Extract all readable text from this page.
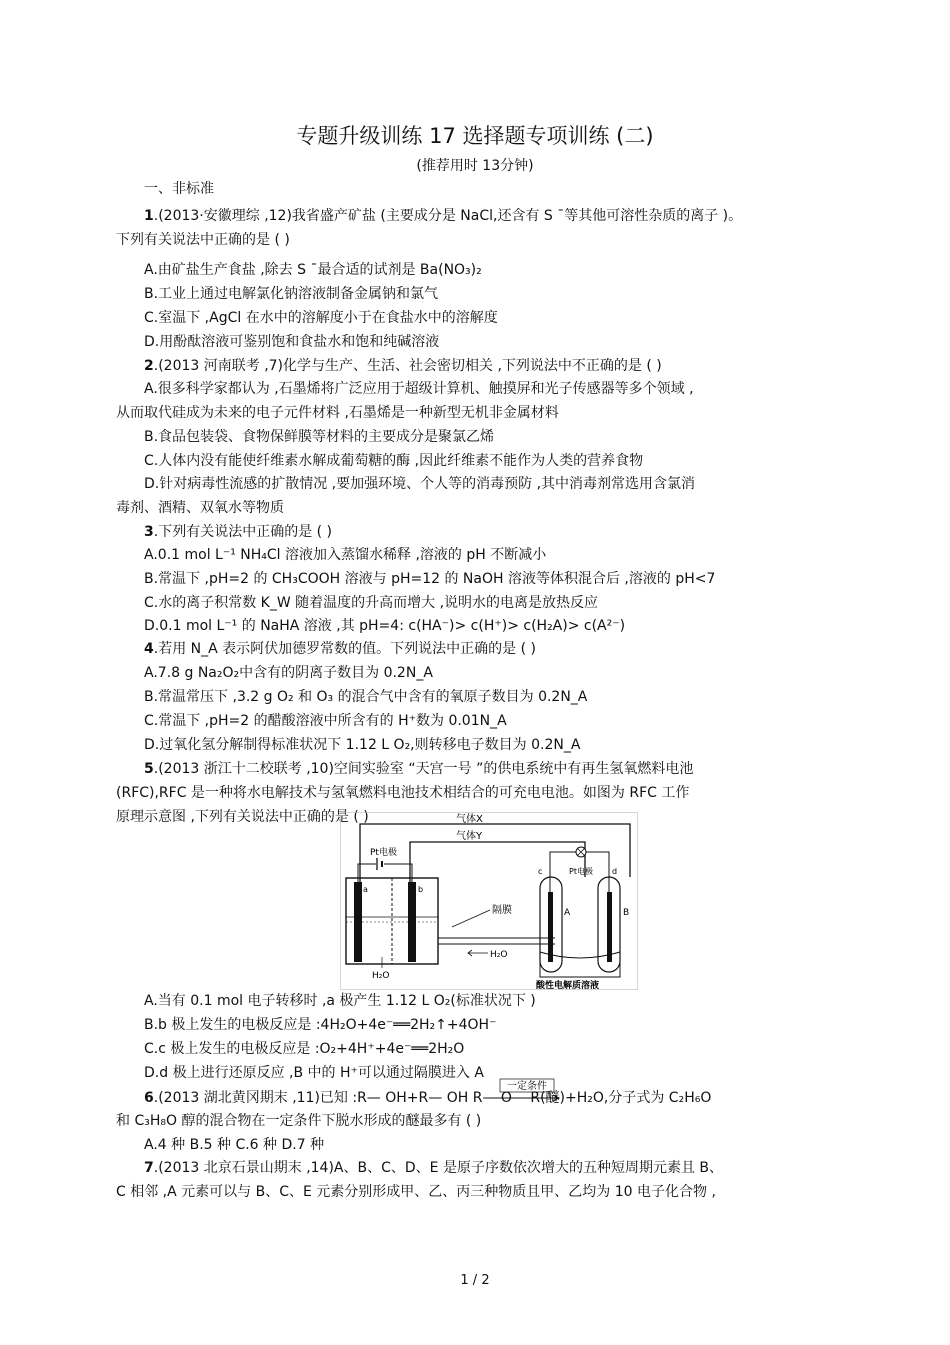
专题升级训练 17 选择题专项训练 (二)
(推荐用时 13分钟)
一、非标准
1.(2013·安徽理综 ,12)我省盛产矿盐 (主要成分是 NaCl,还含有 S ˉ等其他可溶性杂质的离子 )。
下列有关说法中正确的是 ( )
A.由矿盐生产食盐 ,除去 S ˉ最合适的试剂是 Ba(NO₃)₂
B.工业上通过电解氯化钠溶液制备金属钠和氯气
C.室温下 ,AgCl 在水中的溶解度小于在食盐水中的溶解度
D.用酚酞溶液可鉴别饱和食盐水和饱和纯碱溶液
2.(2013 河南联考 ,7)化学与生产、生活、社会密切相关 ,下列说法中不正确的是 ( )
A.很多科学家都认为 ,石墨烯将广泛应用于超级计算机、触摸屏和光子传感器等多个领域 ,
从而取代硅成为未来的电子元件材料 ,石墨烯是一种新型无机非金属材料
B.食品包装袋、食物保鲜膜等材料的主要成分是聚氯乙烯
C.人体内没有能使纤维素水解成葡萄糖的酶 ,因此纤维素不能作为人类的营养食物
D.针对病毒性流感的扩散情况 ,要加强环境、个人等的消毒预防 ,其中消毒剂常选用含氯消
毒剂、酒精、双氧水等物质
3.下列有关说法中正确的是 ( )
A.0.1 mol L⁻¹ NH₄Cl 溶液加入蒸馏水稀释 ,溶液的 pH 不断减小
B.常温下 ,pH=2 的 CH₃COOH 溶液与 pH=12 的 NaOH 溶液等体积混合后 ,溶液的 pH<7
C.水的离子积常数 K_W 随着温度的升高而增大 ,说明水的电离是放热反应
D.0.1 mol L⁻¹ 的 NaHA 溶液 ,其 pH=4: c(HA⁻)> c(H⁺)> c(H₂A)> c(A²⁻)
4.若用 N_A 表示阿伏加德罗常数的值。下列说法中正确的是 ( )
A.7.8 g Na₂O₂中含有的阴离子数目为 0.2N_A
B.常温常压下 ,3.2 g O₂ 和 O₃ 的混合气中含有的氧原子数目为 0.2N_A
C.常温下 ,pH=2 的醋酸溶液中所含有的 H⁺数为 0.01N_A
D.过氧化氢分解制得标准状况下 1.12 L O₂,则转移电子数目为 0.2N_A
5.(2013 浙江十二校联考 ,10)空间实验室 “天宫一号 ”的供电系统中有再生氢氧燃料电池
(RFC),RFC 是一种将水电解技术与氢氧燃料电池技术相结合的可充电电池。如图为 RFC 工作
原理示意图 ,下列有关说法中正确的是 ( )
A.当有 0.1 mol 电子转移时 ,a 极产生 1.12 L O₂(标准状况下 )
B.b 极上发生的电极反应是 :4H₂O+4e⁻══2H₂↑+4OH⁻
C.c 极上发生的电极反应是 :O₂+4H⁺+4e⁻══2H₂O
D.d 极上进行还原反应 ,B 中的 H⁺可以通过隔膜进入 A
6.(2013 湖北黄冈期末 ,11)已知 :R— OH+R— OH R— O— R(醚)+H₂O,分子式为 C₂H₆O
和 C₃H₈O 醇的混合物在一定条件下脱水形成的醚最多有 ( )
A.4 种 B.5 种 C.6 种 D.7 种
7.(2013 北京石景山期末 ,14)A、B、C、D、E 是原子序数依次增大的五种短周期元素且 B、
C 相邻 ,A 元素可以与 B、C、E 元素分别形成甲、乙、丙三种物质且甲、乙均为 10 电子化合物 ,
气体X
气体Y
Pt电极
a	b
隔膜
H₂O
H₂O
Pt电极
c	d
A	B
酸性电解质溶液
一定条件
1 / 2
